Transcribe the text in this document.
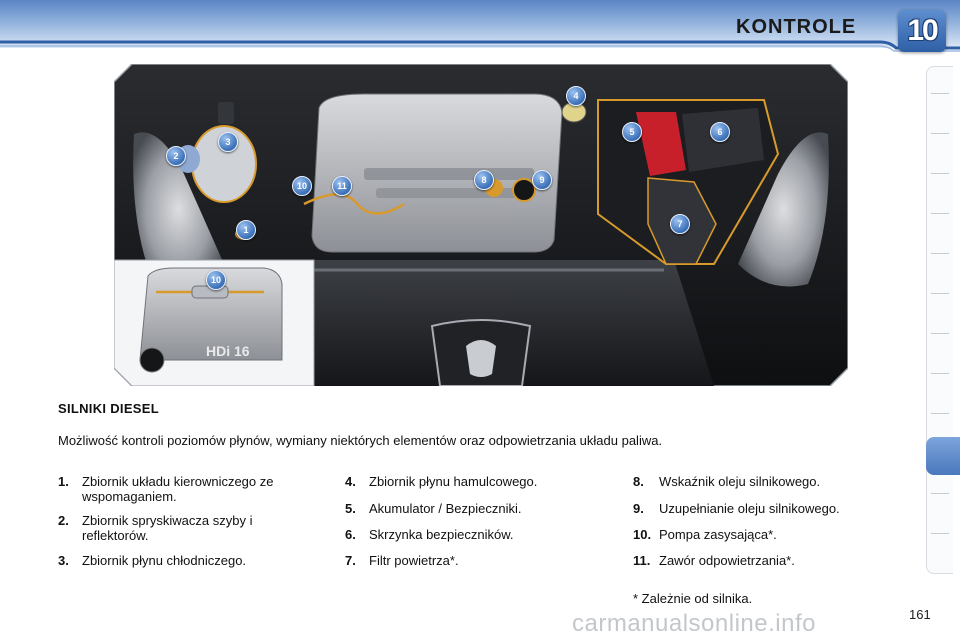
KONTROLE	10
HDi 16
1
2
3
4
5	6
7
8	9
10	11
10
SILNIKI DIESEL
Możliwość kontroli poziomów płynów, wymiany niektórych elementów oraz odpowietrzania układu paliwa.
1. Zbiornik układu kierowniczego ze wspomaganiem.
2. Zbiornik spryskiwacza szyby i reflektorów.
3. Zbiornik płynu chłodniczego.
4. Zbiornik płynu hamulcowego.
5. Akumulator / Bezpieczniki.
6. Skrzynka bezpieczników.
7. Filtr powietrza*.
8. Wskaźnik oleju silnikowego.
9. Uzupełnianie oleju silnikowego.
10. Pompa zasysająca*.
11. Zawór odpowietrzania*.
* Zależnie od silnika.
carmanualsonline.info	161
